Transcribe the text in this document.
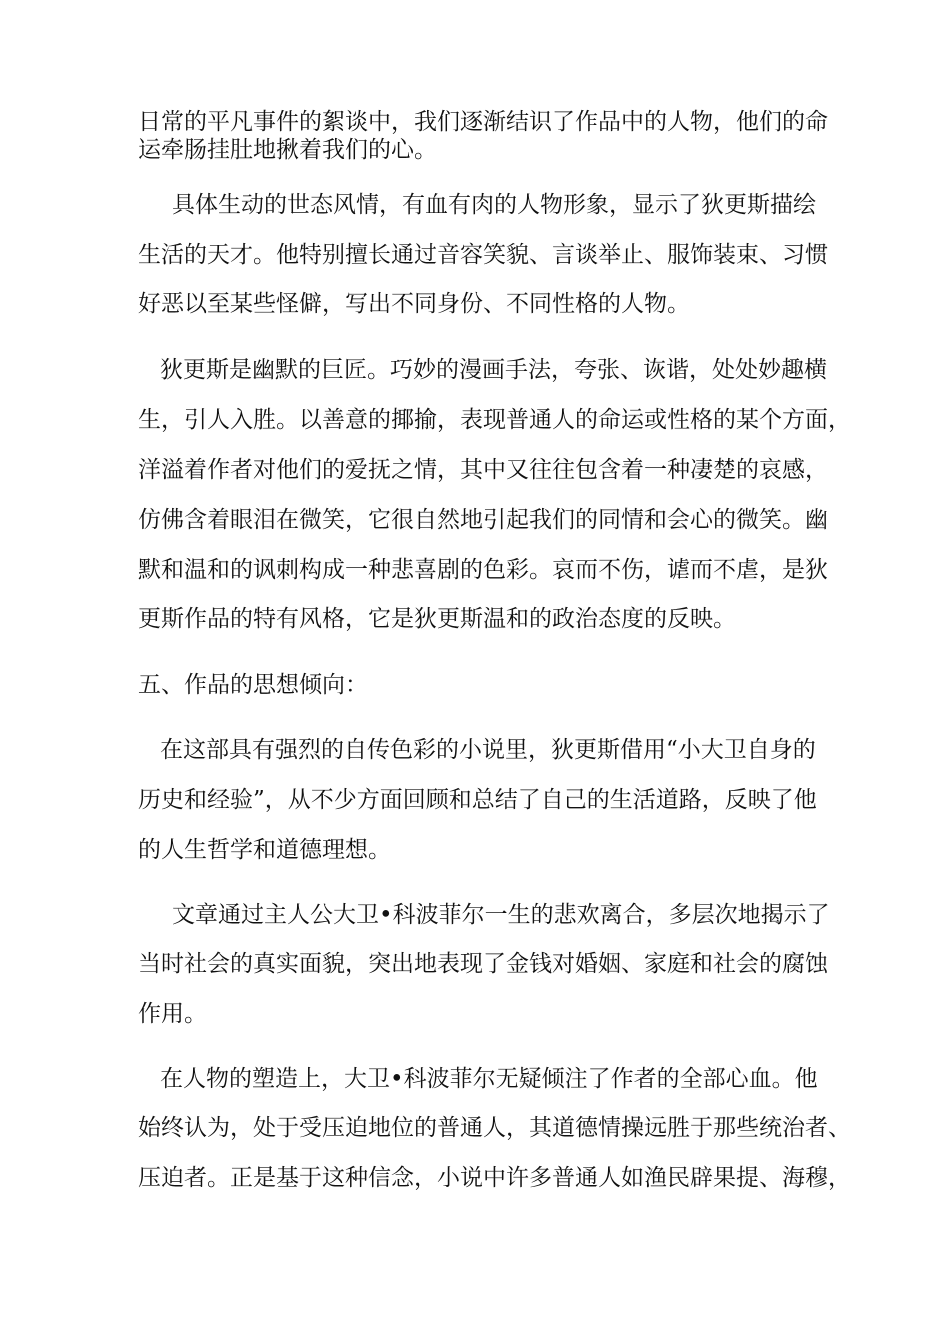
日常的平凡事件的絮谈中，我们逐渐结识了作品中的人物，他们的命
运牵肠挂肚地揪着我们的心。
具体生动的世态风情，有血有肉的人物形象，显示了狄更斯描绘
生活的天才。他特别擅长通过音容笑貌、言谈举止、服饰装束、习惯
好恶以至某些怪僻，写出不同身份、不同性格的人物。
狄更斯是幽默的巨匠。巧妙的漫画手法，夸张、诙谐，处处妙趣横
生，引人入胜。以善意的揶揄，表现普通人的命运或性格的某个方面，
洋溢着作者对他们的爱抚之情，其中又往往包含着一种凄楚的哀感，
仿佛含着眼泪在微笑，它很自然地引起我们的同情和会心的微笑。幽
默和温和的讽刺构成一种悲喜剧的色彩。哀而不伤，谑而不虐，是狄
更斯作品的特有风格，它是狄更斯温和的政治态度的反映。
五、作品的思想倾向：
在这部具有强烈的自传色彩的小说里，狄更斯借用“小大卫自身的
历史和经验”，从不少方面回顾和总结了自己的生活道路，反映了他
的人生哲学和道德理想。
文章通过主人公大卫•科波菲尔一生的悲欢离合，多层次地揭示了
当时社会的真实面貌，突出地表现了金钱对婚姻、家庭和社会的腐蚀
作用。
在人物的塑造上，大卫•科波菲尔无疑倾注了作者的全部心血。他
始终认为，处于受压迫地位的普通人，其道德情操远胜于那些统治者、
压迫者。正是基于这种信念，小说中许多普通人如渔民辟果提、海穆，
